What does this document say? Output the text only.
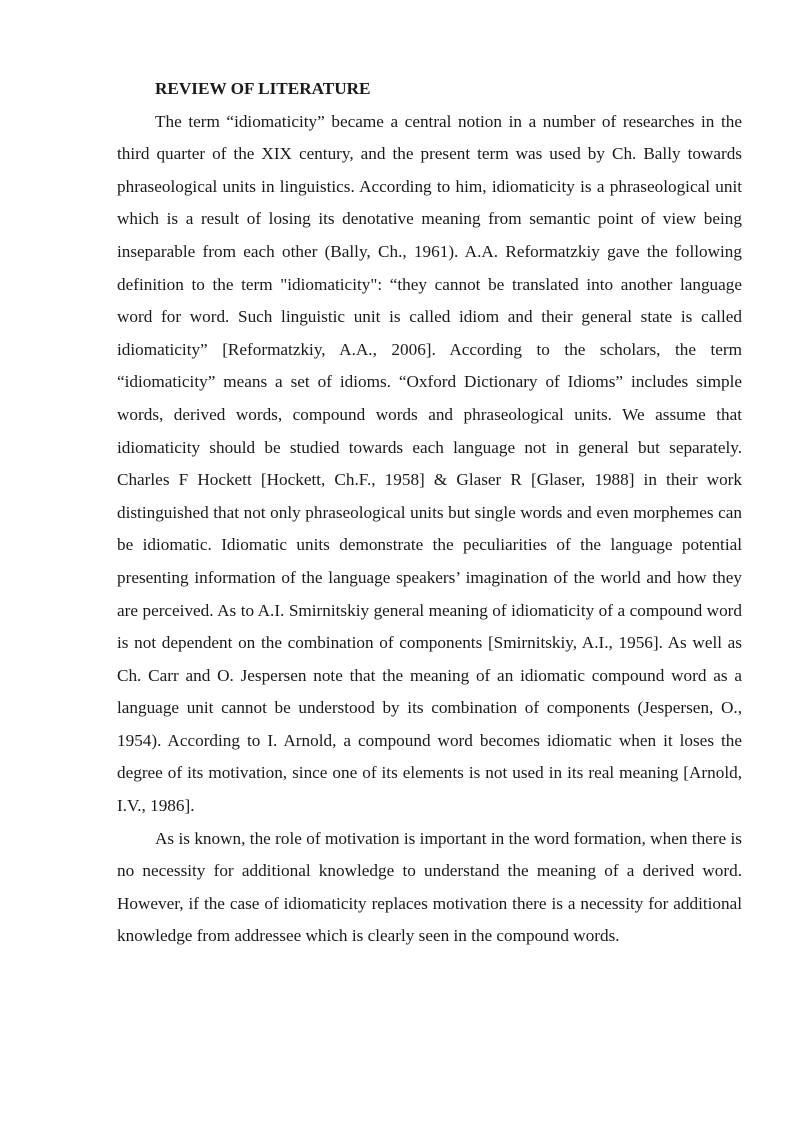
REVIEW OF LITERATURE

The term “idiomaticity” became a central notion in a number of researches in the third quarter of the XIX century, and the present term was used by Ch. Bally towards phraseological units in linguistics. According to him, idiomaticity is a phraseological unit which is a result of losing its denotative meaning from semantic point of view being inseparable from each other (Bally, Ch., 1961). A.A. Reformatzkiy gave the following definition to the term "idiomaticity": “they cannot be translated into another language word for word. Such linguistic unit is called idiom and their general state is called idiomaticity” [Reformatzkiy, A.A., 2006]. According to the scholars, the term “idiomaticity” means a set of idioms. “Oxford Dictionary of Idioms” includes simple words, derived words, compound words and phraseological units. We assume that idiomaticity should be studied towards each language not in general but separately. Charles F Hockett [Hockett, Ch.F., 1958] & Glaser R [Glaser, 1988] in their work distinguished that not only phraseological units but single words and even morphemes can be idiomatic. Idiomatic units demonstrate the peculiarities of the language potential presenting information of the language speakers’ imagination of the world and how they are perceived. As to A.I. Smirnitskiy general meaning of idiomaticity of a compound word is not dependent on the combination of components [Smirnitskiy, A.I., 1956]. As well as Ch. Carr and O. Jespersen note that the meaning of an idiomatic compound word as a language unit cannot be understood by its combination of components (Jespersen, O., 1954). According to I. Arnold, a compound word becomes idiomatic when it loses the degree of its motivation, since one of its elements is not used in its real meaning [Arnold, I.V., 1986].

As is known, the role of motivation is important in the word formation, when there is no necessity for additional knowledge to understand the meaning of a derived word. However, if the case of idiomaticity replaces motivation there is a necessity for additional knowledge from addressee which is clearly seen in the compound words.
